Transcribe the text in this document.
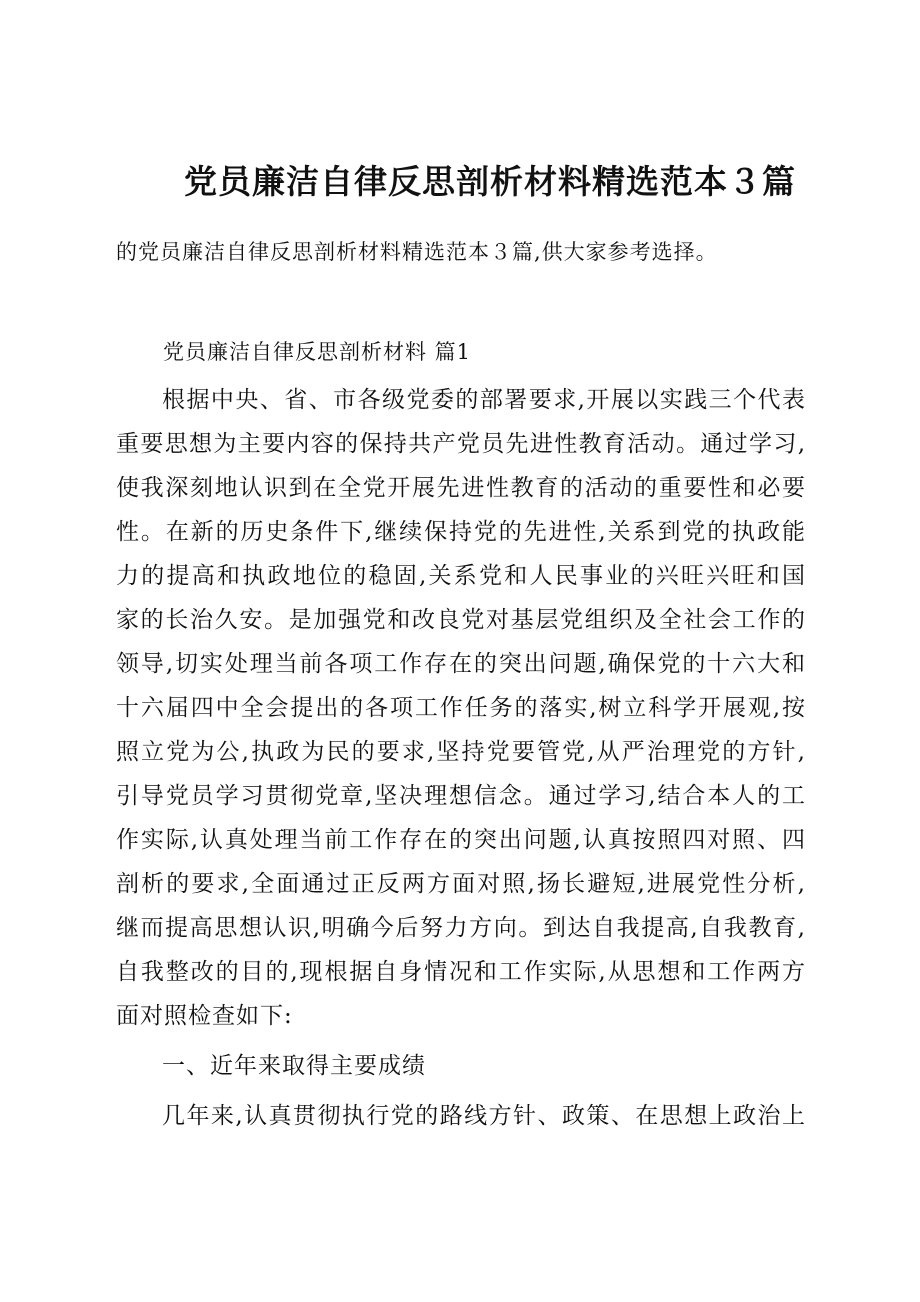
党员廉洁自律反思剖析材料精选范本３篇
的党员廉洁自律反思剖析材料精选范本３篇,供大家参考选择。
党员廉洁自律反思剖析材料 篇1
根据中央、省、市各级党委的部署要求,开展以实践三个代表
重要思想为主要内容的保持共产党员先进性教育活动。通过学习,
使我深刻地认识到在全党开展先进性教育的活动的重要性和必要
性。在新的历史条件下,继续保持党的先进性,关系到党的执政能
力的提高和执政地位的稳固,关系党和人民事业的兴旺兴旺和国
家的长治久安。是加强党和改良党对基层党组织及全社会工作的
领导,切实处理当前各项工作存在的突出问题,确保党的十六大和
十六届四中全会提出的各项工作任务的落实,树立科学开展观,按
照立党为公,执政为民的要求,坚持党要管党,从严治理党的方针,
引导党员学习贯彻党章,坚决理想信念。通过学习,结合本人的工
作实际,认真处理当前工作存在的突出问题,认真按照四对照、四
剖析的要求,全面通过正反两方面对照,扬长避短,进展党性分析,
继而提高思想认识,明确今后努力方向。到达自我提高,自我教育,
自我整改的目的,现根据自身情况和工作实际,从思想和工作两方
面对照检查如下:
一、近年来取得主要成绩
几年来,认真贯彻执行党的路线方针、政策、在思想上政治上
